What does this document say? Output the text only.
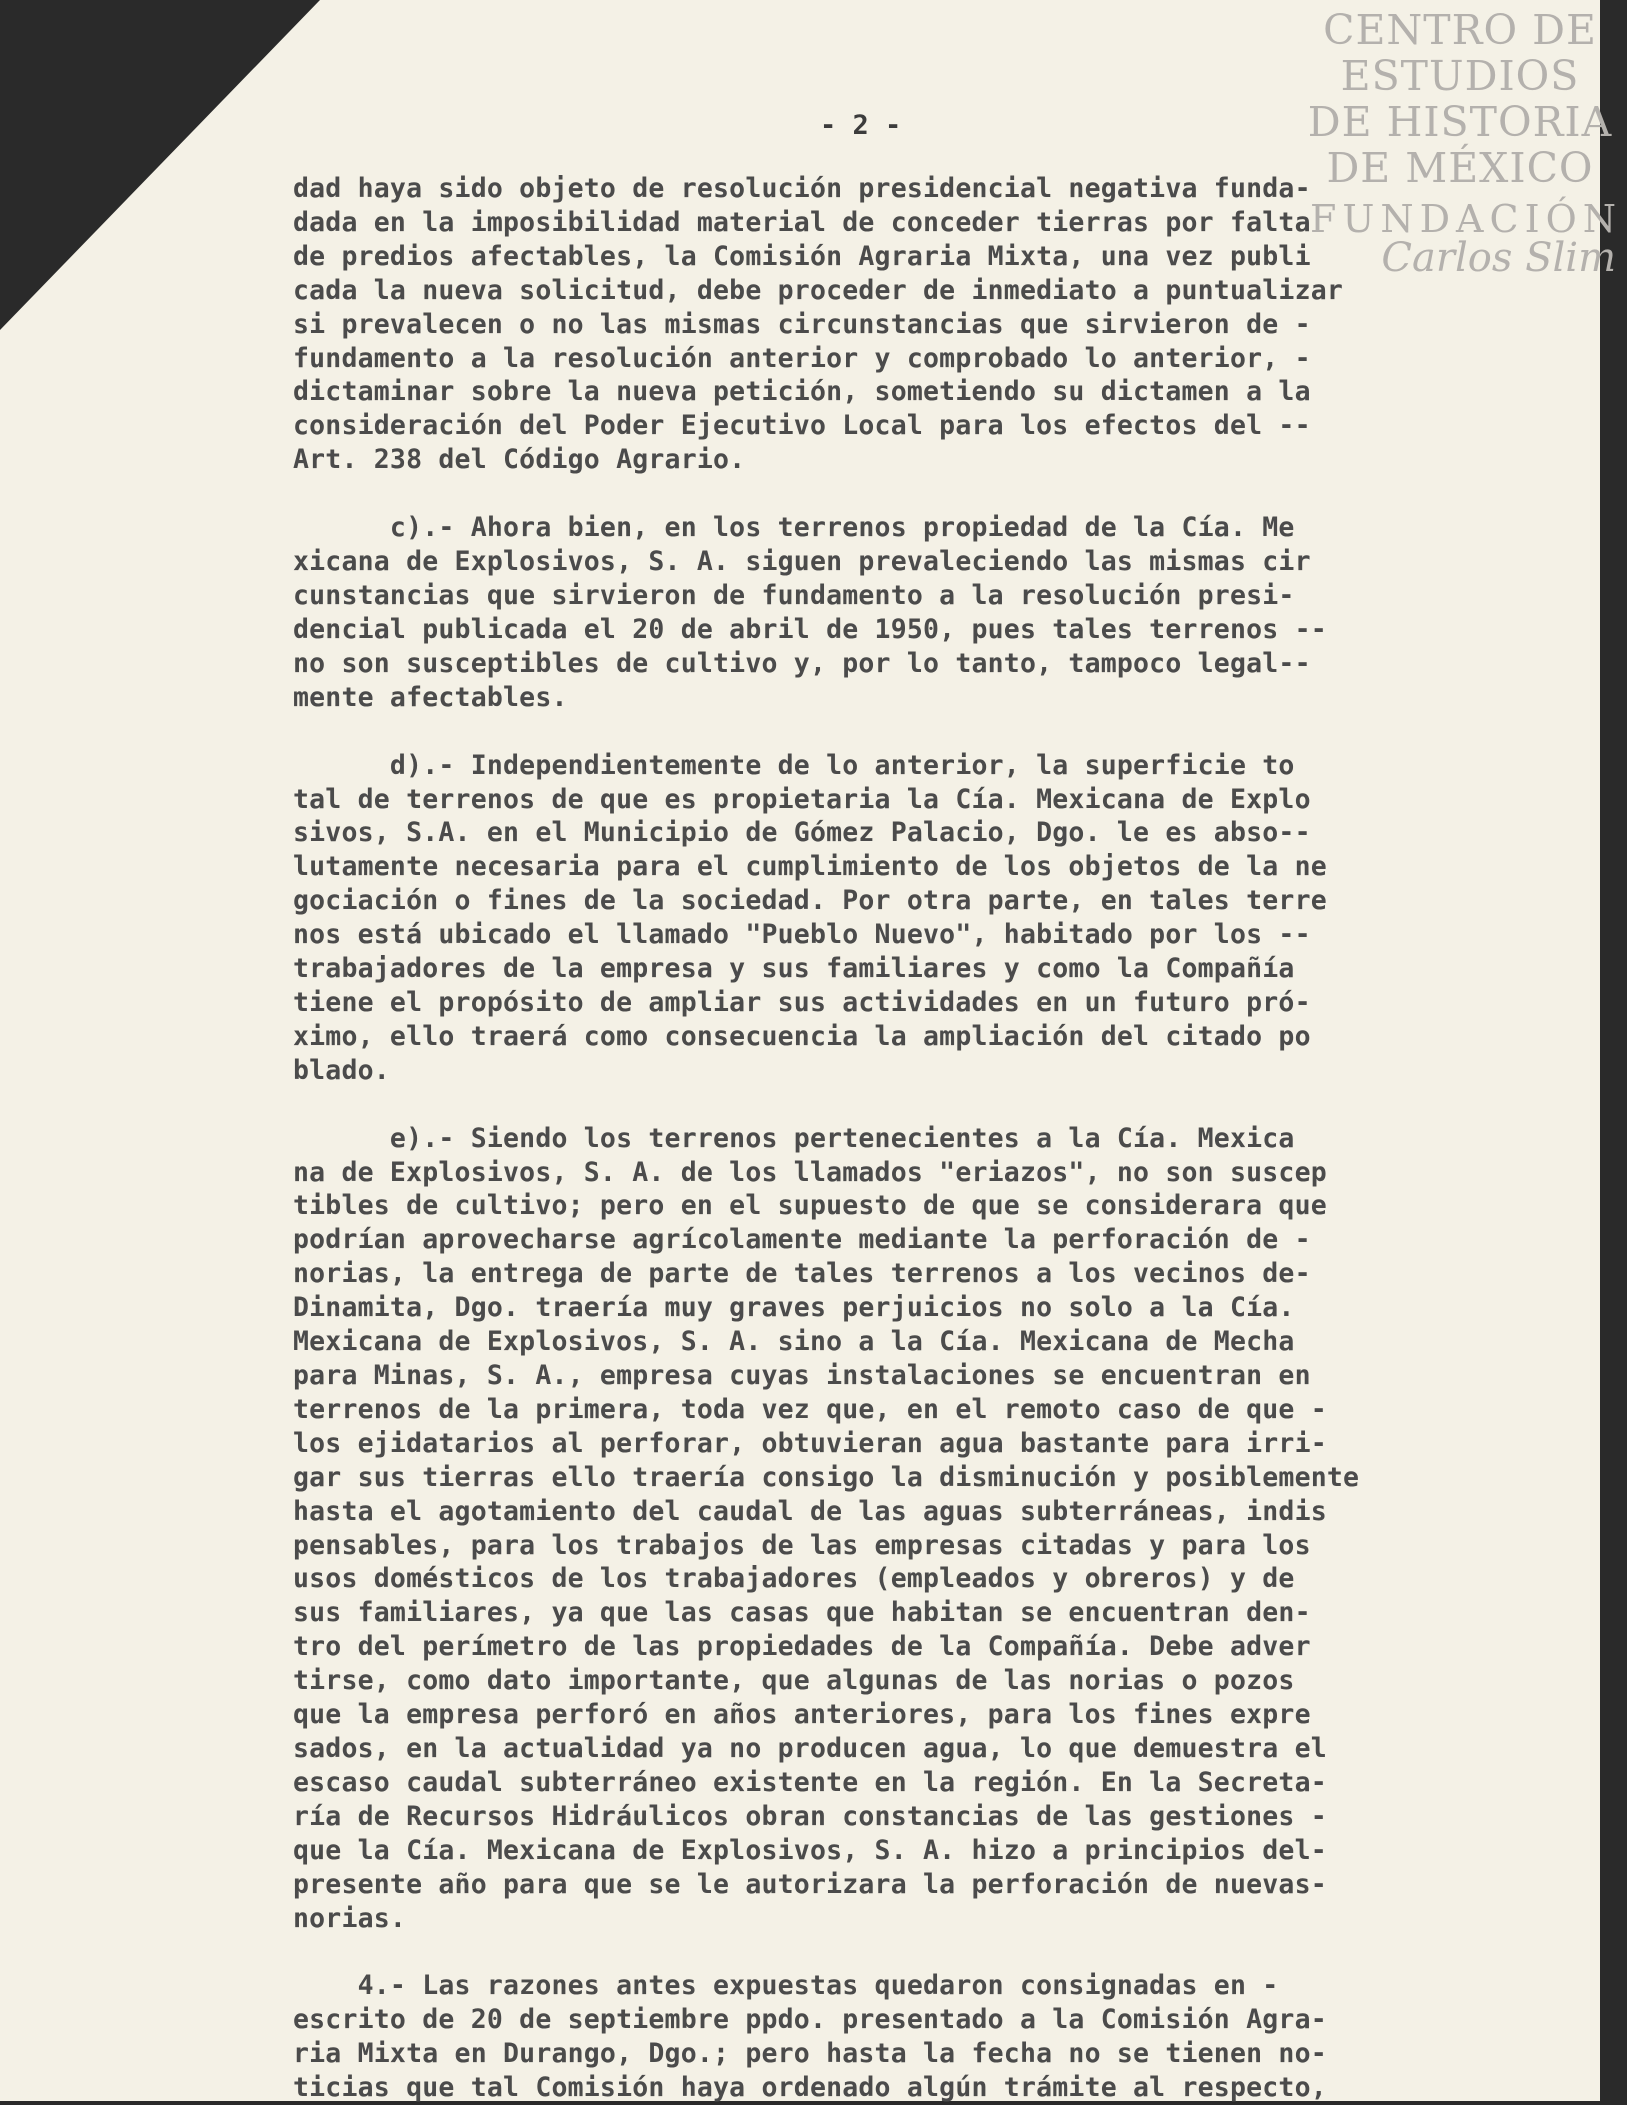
CENTRO DE
ESTUDIOS
DE HISTORIA
DE MÉXICO
FUNDACIÓN
Carlos Slim
- 2 -
dad haya sido objeto de resolución presidencial negativa funda-
dada en la imposibilidad material de conceder tierras por falta
de predios afectables, la Comisión Agraria Mixta, una vez publi
cada la nueva solicitud, debe proceder de inmediato a puntualizar
si prevalecen o no las mismas circunstancias que sirvieron de -
fundamento a la resolución anterior y comprobado lo anterior, -
dictaminar sobre la nueva petición, sometiendo su dictamen a la
consideración del Poder Ejecutivo Local para los efectos del --
Art. 238 del Código Agrario.
c).- Ahora bien, en los terrenos propiedad de la Cía. Me
xicana de Explosivos, S. A. siguen prevaleciendo las mismas cir
cunstancias que sirvieron de fundamento a la resolución presi-
dencial publicada el 20 de abril de 1950, pues tales terrenos --
no son susceptibles de cultivo y, por lo tanto, tampoco legal--
mente afectables.
d).- Independientemente de lo anterior, la superficie to
tal de terrenos de que es propietaria la Cía. Mexicana de Explo
sivos, S.A. en el Municipio de Gómez Palacio, Dgo. le es abso--
lutamente necesaria para el cumplimiento de los objetos de la ne
gociación o fines de la sociedad. Por otra parte, en tales terre
nos está ubicado el llamado "Pueblo Nuevo", habitado por los --
trabajadores de la empresa y sus familiares y como la Compañía
tiene el propósito de ampliar sus actividades en un futuro pró-
ximo, ello traerá como consecuencia la ampliación del citado po
blado.
e).- Siendo los terrenos pertenecientes a la Cía. Mexica
na de Explosivos, S. A. de los llamados "eriazos", no son suscep
tibles de cultivo; pero en el supuesto de que se considerara que
podrían aprovecharse agrícolamente mediante la perforación de -
norias, la entrega de parte de tales terrenos a los vecinos de-
Dinamita, Dgo. traería muy graves perjuicios no solo a la Cía.
Mexicana de Explosivos, S. A. sino a la Cía. Mexicana de Mecha
para Minas, S. A., empresa cuyas instalaciones se encuentran en
terrenos de la primera, toda vez que, en el remoto caso de que -
los ejidatarios al perforar, obtuvieran agua bastante para irri-
gar sus tierras ello traería consigo la disminución y posiblemente
hasta el agotamiento del caudal de las aguas subterráneas, indis
pensables, para los trabajos de las empresas citadas y para los
usos domésticos de los trabajadores (empleados y obreros) y de
sus familiares, ya que las casas que habitan se encuentran den-
tro del perímetro de las propiedades de la Compañía. Debe adver
tirse, como dato importante, que algunas de las norias o pozos
que la empresa perforó en años anteriores, para los fines expre
sados, en la actualidad ya no producen agua, lo que demuestra el
escaso caudal subterráneo existente en la región. En la Secreta-
ría de Recursos Hidráulicos obran constancias de las gestiones -
que la Cía. Mexicana de Explosivos, S. A. hizo a principios del-
presente año para que se le autorizara la perforación de nuevas-
norias.
4.- Las razones antes expuestas quedaron consignadas en -
escrito de 20 de septiembre ppdo. presentado a la Comisión Agra-
ria Mixta en Durango, Dgo.; pero hasta la fecha no se tienen no-
ticias que tal Comisión haya ordenado algún trámite al respecto,
